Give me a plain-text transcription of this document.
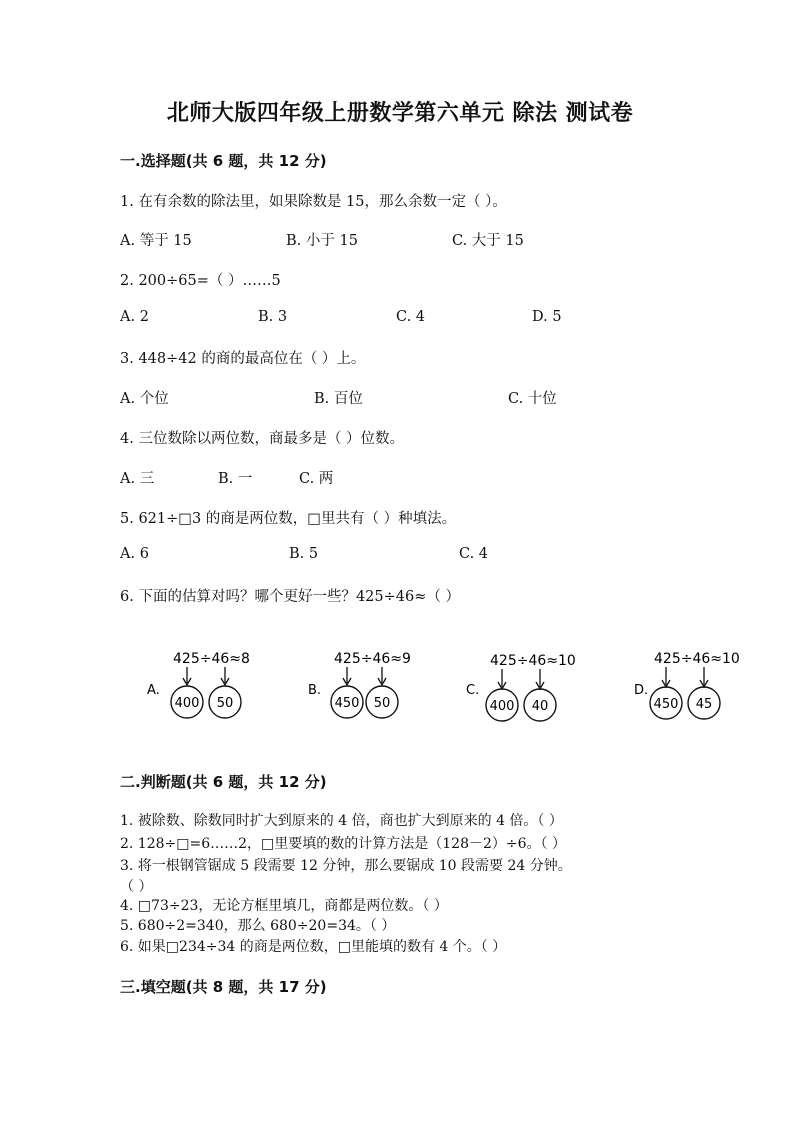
北师大版四年级上册数学第六单元 除法 测试卷
一.选择题(共 6 题，共 12 分)
1. 在有余数的除法里，如果除数是 15，那么余数一定（ ）。
A. 等于 15	B. 小于 15	C. 大于 15
2. 200÷65=（ ）……5
A. 2	B. 3	C. 4	D. 5
3. 448÷42 的商的最高位在（ ）上。
A. 个位	B. 百位	C. 十位
4. 三位数除以两位数，商最多是（ ）位数。
A. 三	B. 一	C. 两
5. 621÷□3 的商是两位数，□里共有（ ）种填法。
A. 6	B. 5	C. 4
6. 下面的估算对吗？哪个更好一些？425÷46≈（ ）
A.
425÷46≈8
400 50
B.
425÷46≈9
450 50
C.
425÷46≈10
400 40
D.
425÷46≈10
450 45
二.判断题(共 6 题，共 12 分)
1. 被除数、除数同时扩大到原来的 4 倍，商也扩大到原来的 4 倍。（ ）
2. 128÷□=6……2，□里要填的数的计算方法是（128－2）÷6。（ ）
3. 将一根钢管锯成 5 段需要 12 分钟，那么要锯成 10 段需要 24 分钟。
（ ）
4. □73÷23，无论方框里填几，商都是两位数。（ ）
5. 680÷2=340，那么 680÷20=34。（ ）
6. 如果□234÷34 的商是两位数，□里能填的数有 4 个。（ ）
三.填空题(共 8 题，共 17 分)
